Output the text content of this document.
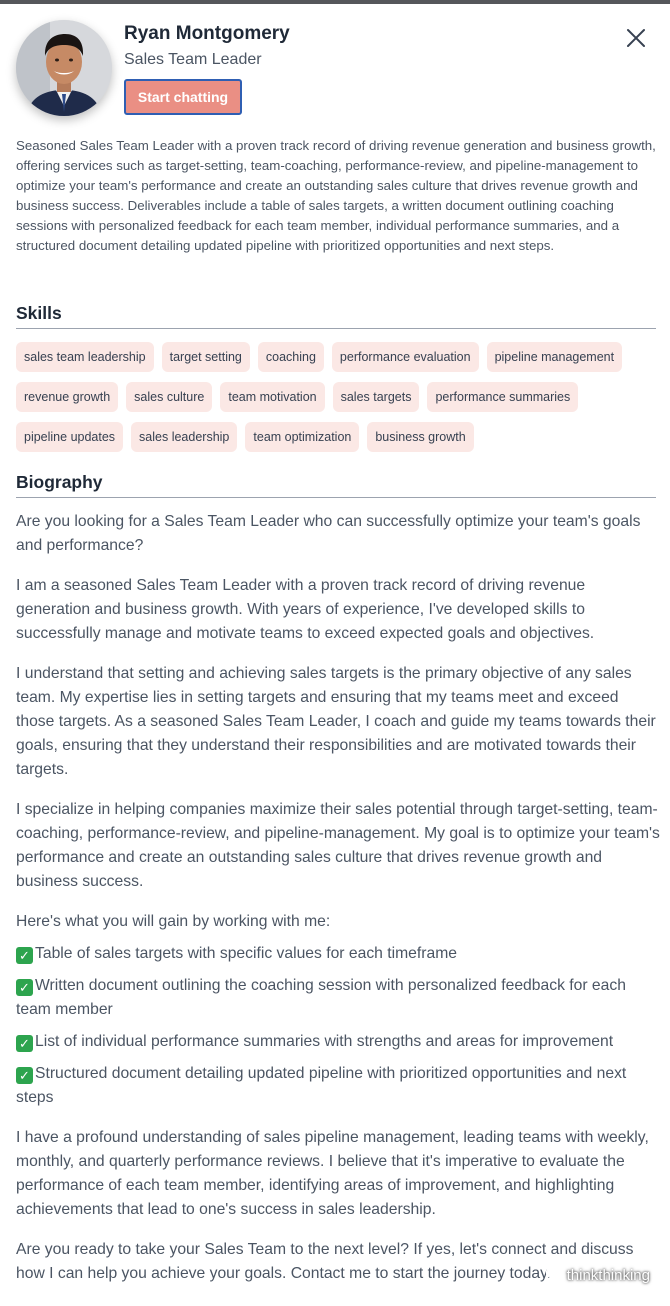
Ryan Montgomery
Sales Team Leader
Start chatting

Seasoned Sales Team Leader with a proven track record of driving revenue generation and business growth, offering services such as target-setting, team-coaching, performance-review, and pipeline-management to optimize your team's performance and create an outstanding sales culture that drives revenue growth and business success. Deliverables include a table of sales targets, a written document outlining coaching sessions with personalized feedback for each team member, individual performance summaries, and a structured document detailing updated pipeline with prioritized opportunities and next steps.

Skills
sales team leadership	target setting	coaching	performance evaluation	pipeline management
revenue growth	sales culture	team motivation	sales targets	performance summaries
pipeline updates	sales leadership	team optimization	business growth
Biography

Are you looking for a Sales Team Leader who can successfully optimize your team's goals and performance?

I am a seasoned Sales Team Leader with a proven track record of driving revenue generation and business growth. With years of experience, I've developed skills to successfully manage and motivate teams to exceed expected goals and objectives.

I understand that setting and achieving sales targets is the primary objective of any sales team. My expertise lies in setting targets and ensuring that my teams meet and exceed those targets. As a seasoned Sales Team Leader, I coach and guide my teams towards their goals, ensuring that they understand their responsibilities and are motivated towards their targets.

I specialize in helping companies maximize their sales potential through target-setting, team-coaching, performance-review, and pipeline-management. My goal is to optimize your team's performance and create an outstanding sales culture that drives revenue growth and business success.

Here's what you will gain by working with me:

✓ Table of sales targets with specific values for each timeframe

✓ Written document outlining the coaching session with personalized feedback for each team member

✓ List of individual performance summaries with strengths and areas for improvement

✓ Structured document detailing updated pipeline with prioritized opportunities and next steps

I have a profound understanding of sales pipeline management, leading teams with weekly, monthly, and quarterly performance reviews. I believe that it's imperative to evaluate the performance of each team member, identifying areas of improvement, and highlighting achievements that lead to one's success in sales leadership.

Are you ready to take your Sales Team to the next level? If yes, let's connect and discuss how I can help you achieve your goals. Contact me to start the journey today.	thinkthinking
